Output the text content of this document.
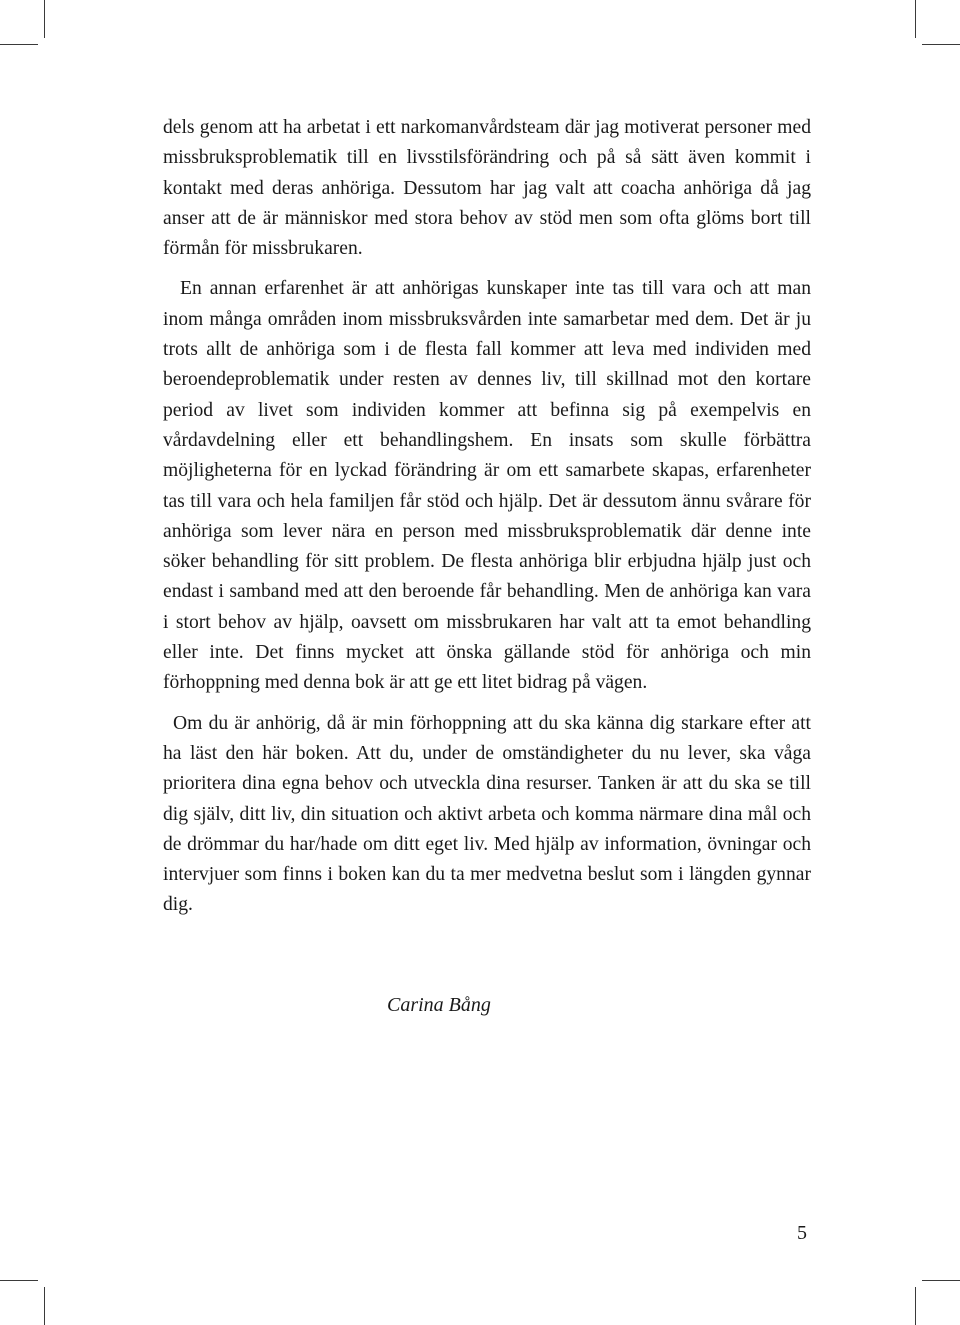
dels genom att ha arbetat i ett narkomanvårdsteam där jag motiverat personer med missbruksproblematik till en livsstilsförändring och på så sätt även kommit i kontakt med deras anhöriga. Dessutom har jag valt att coacha anhöriga då jag anser att de är människor med stora behov av stöd men som ofta glöms bort till förmån för missbrukaren.

En annan erfarenhet är att anhörigas kunskaper inte tas till vara och att man inom många områden inom missbruksvården inte samarbetar med dem. Det är ju trots allt de anhöriga som i de flesta fall kommer att leva med individen med beroendeproblematik under resten av dennes liv, till skillnad mot den kortare period av livet som individen kommer att befinna sig på exempelvis en vårdavdelning eller ett behandlingshem. En insats som skulle förbättra möjligheterna för en lyckad förändring är om ett samarbete skapas, erfarenheter tas till vara och hela familjen får stöd och hjälp. Det är dessutom ännu svårare för anhöriga som lever nära en person med missbruksproblematik där denne inte söker behandling för sitt problem. De flesta anhöriga blir erbjudna hjälp just och endast i samband med att den beroende får behandling. Men de anhöriga kan vara i stort behov av hjälp, oavsett om missbrukaren har valt att ta emot behandling eller inte. Det finns mycket att önska gällande stöd för anhöriga och min förhoppning med denna bok är att ge ett litet bidrag på vägen.

Om du är anhörig, då är min förhoppning att du ska känna dig starkare efter att ha läst den här boken. Att du, under de omständigheter du nu lever, ska våga prioritera dina egna behov och utveckla dina resurser. Tanken är att du ska se till dig själv, ditt liv, din situation och aktivt arbeta och komma närmare dina mål och de drömmar du har/hade om ditt eget liv. Med hjälp av information, övningar och intervjuer som finns i boken kan du ta mer medvetna beslut som i längden gynnar dig.

Carina Bång
5
